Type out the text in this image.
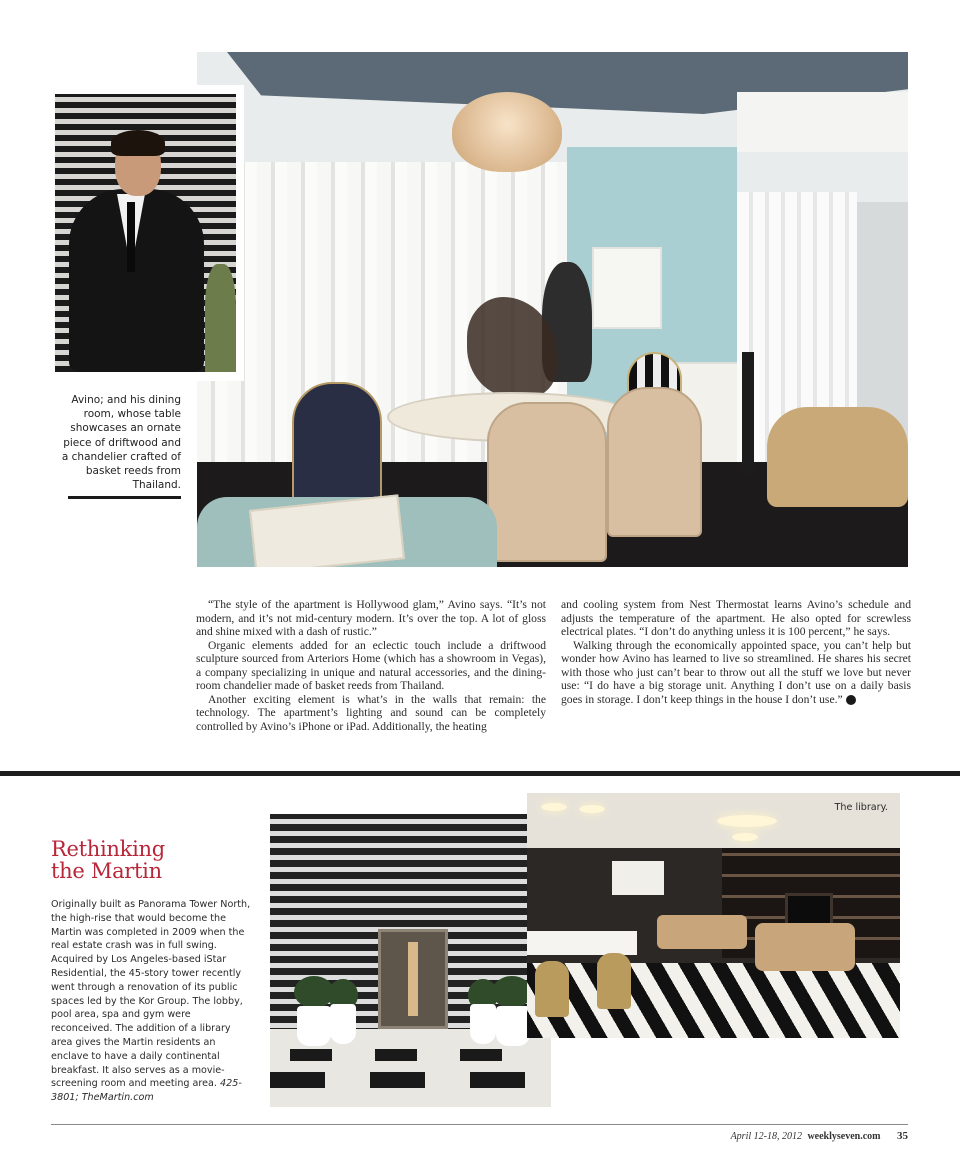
Avino; and his dining room, whose table showcases an ornate piece of driftwood and a chandelier crafted of basket reeds from Thailand.

“The style of the apartment is Hollywood glam,” Avino says. “It’s not modern, and it’s not mid-century modern. It’s over the top. A lot of gloss and shine mixed with a dash of rustic.”

Organic elements added for an eclectic touch include a driftwood sculpture sourced from Arteriors Home (which has a showroom in Vegas), a company specializing in unique and natural accessories, and the dining-room chandelier made of basket reeds from Thailand.

Another exciting element is what’s in the walls that remain: the technology. The apartment’s lighting and sound can be completely controlled by Avino’s iPhone or iPad. Additionally, the heating

and cooling system from Nest Thermostat learns Avino’s schedule and adjusts the temperature of the apartment. He also opted for screwless electrical plates. “I don’t do anything unless it is 100 percent,” he says.

Walking through the economically appointed space, you can’t help but wonder how Avino has learned to live so streamlined. He shares his secret with those who just can’t bear to throw out all the stuff we love but never use: “I do have a big storage unit. Anything I don’t use on a daily basis goes in storage. I don’t keep things in the house I don’t use.” 7

Rethinking
the Martin
Originally built as Panorama Tower North, the high-rise that would become the Martin was completed in 2009 when the real estate crash was in full swing. Acquired by Los Angeles-based iStar Residential, the 45-story tower recently went through a renovation of its public spaces led by the Kor Group. The lobby, pool area, spa and gym were reconceived. The addition of a library area gives the Martin residents an enclave to have a daily continental breakfast. It also serves as a movie-screening room and meeting area. 425-3801; TheMartin.com
The library.
April 12-18, 2012 weeklyseven.com 35
